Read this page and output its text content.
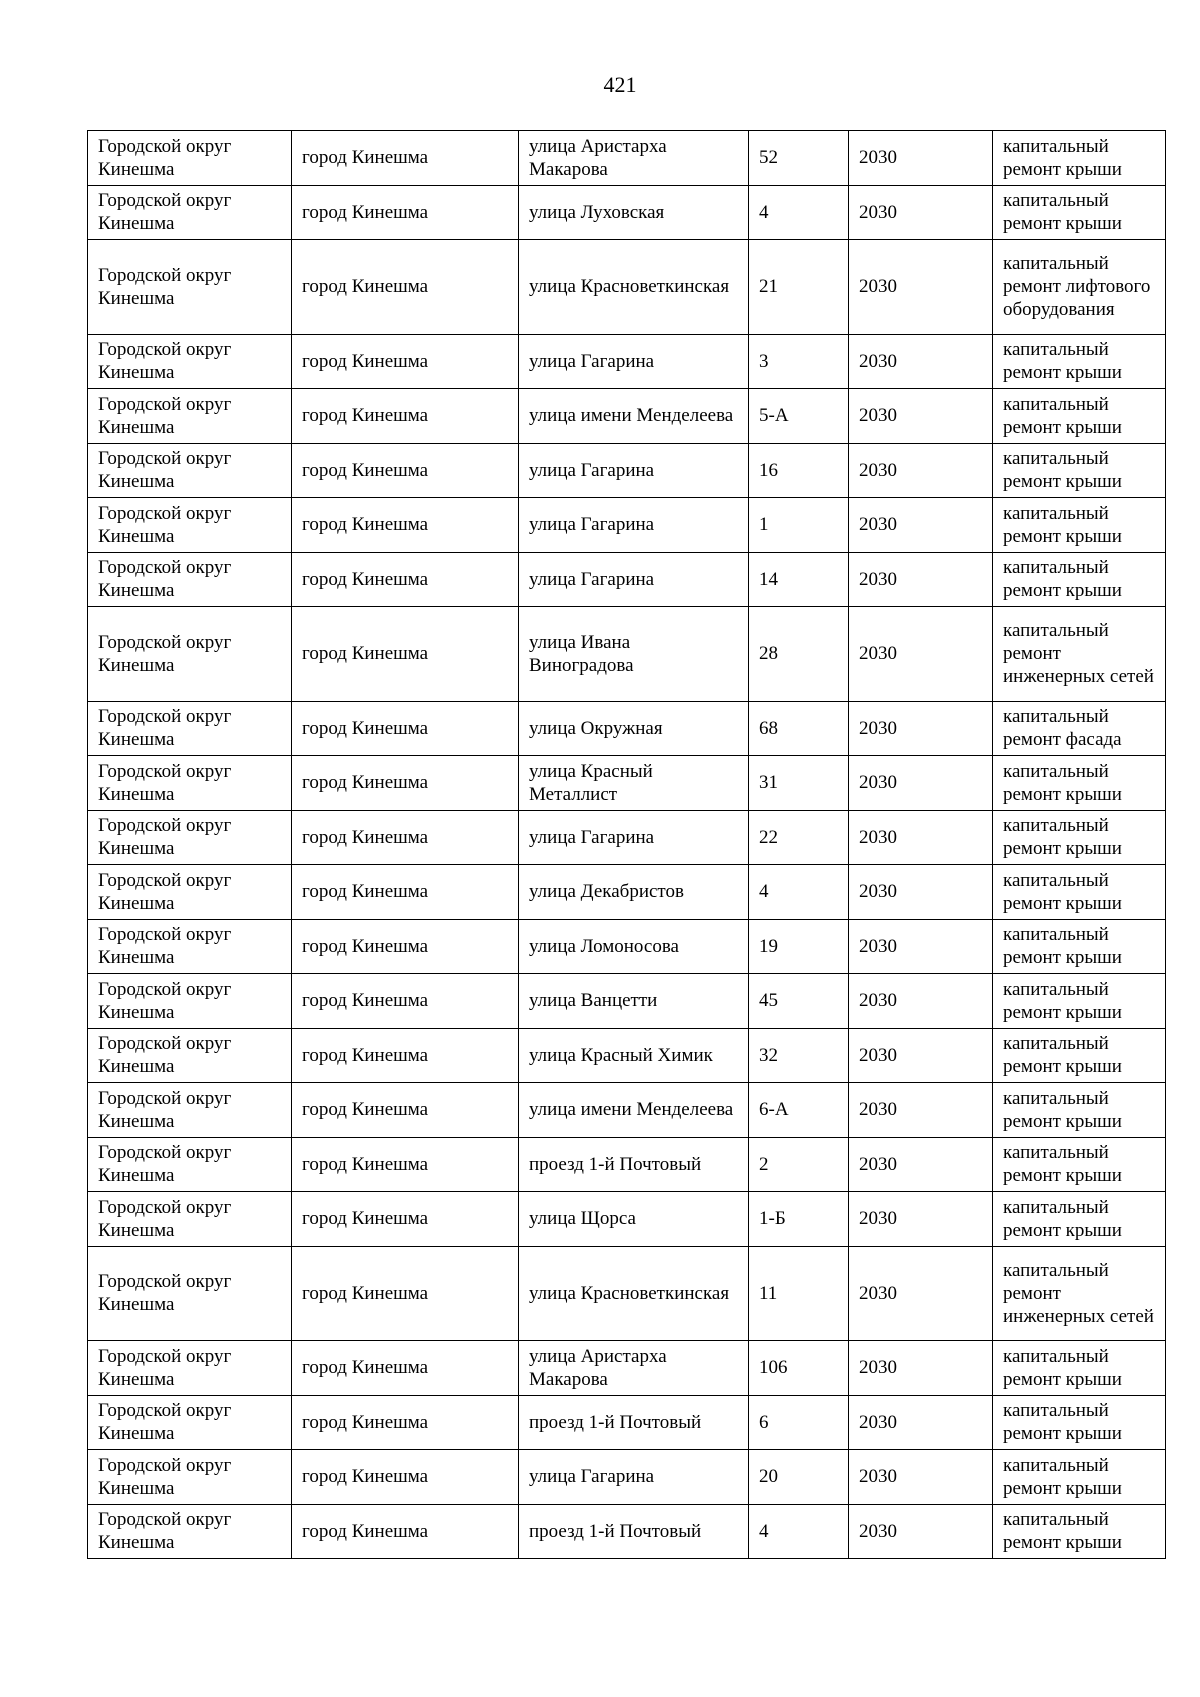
421
Городской округ Кинешма	город Кинешма	улица Аристарха Макарова	52	2030	капитальный ремонт крыши
Городской округ Кинешма	город Кинешма	улица Луховская	4	2030	капитальный ремонт крыши
Городской округ Кинешма	город Кинешма	улица Красноветкинская	21	2030	капитальный ремонт лифтового оборудования
Городской округ Кинешма	город Кинешма	улица Гагарина	3	2030	капитальный ремонт крыши
Городской округ Кинешма	город Кинешма	улица имени Менделеева	5-А	2030	капитальный ремонт крыши
Городской округ Кинешма	город Кинешма	улица Гагарина	16	2030	капитальный ремонт крыши
Городской округ Кинешма	город Кинешма	улица Гагарина	1	2030	капитальный ремонт крыши
Городской округ Кинешма	город Кинешма	улица Гагарина	14	2030	капитальный ремонт крыши
Городской округ Кинешма	город Кинешма	улица Ивана Виноградова	28	2030	капитальный ремонт инженерных сетей
Городской округ Кинешма	город Кинешма	улица Окружная	68	2030	капитальный ремонт фасада
Городской округ Кинешма	город Кинешма	улица Красный Металлист	31	2030	капитальный ремонт крыши
Городской округ Кинешма	город Кинешма	улица Гагарина	22	2030	капитальный ремонт крыши
Городской округ Кинешма	город Кинешма	улица Декабристов	4	2030	капитальный ремонт крыши
Городской округ Кинешма	город Кинешма	улица Ломоносова	19	2030	капитальный ремонт крыши
Городской округ Кинешма	город Кинешма	улица Ванцетти	45	2030	капитальный ремонт крыши
Городской округ Кинешма	город Кинешма	улица Красный Химик	32	2030	капитальный ремонт крыши
Городской округ Кинешма	город Кинешма	улица имени Менделеева	6-А	2030	капитальный ремонт крыши
Городской округ Кинешма	город Кинешма	проезд 1-й Почтовый	2	2030	капитальный ремонт крыши
Городской округ Кинешма	город Кинешма	улица Щорса	1-Б	2030	капитальный ремонт крыши
Городской округ Кинешма	город Кинешма	улица Красноветкинская	11	2030	капитальный ремонт инженерных сетей
Городской округ Кинешма	город Кинешма	улица Аристарха Макарова	106	2030	капитальный ремонт крыши
Городской округ Кинешма	город Кинешма	проезд 1-й Почтовый	6	2030	капитальный ремонт крыши
Городской округ Кинешма	город Кинешма	улица Гагарина	20	2030	капитальный ремонт крыши
Городской округ Кинешма	город Кинешма	проезд 1-й Почтовый	4	2030	капитальный ремонт крыши
